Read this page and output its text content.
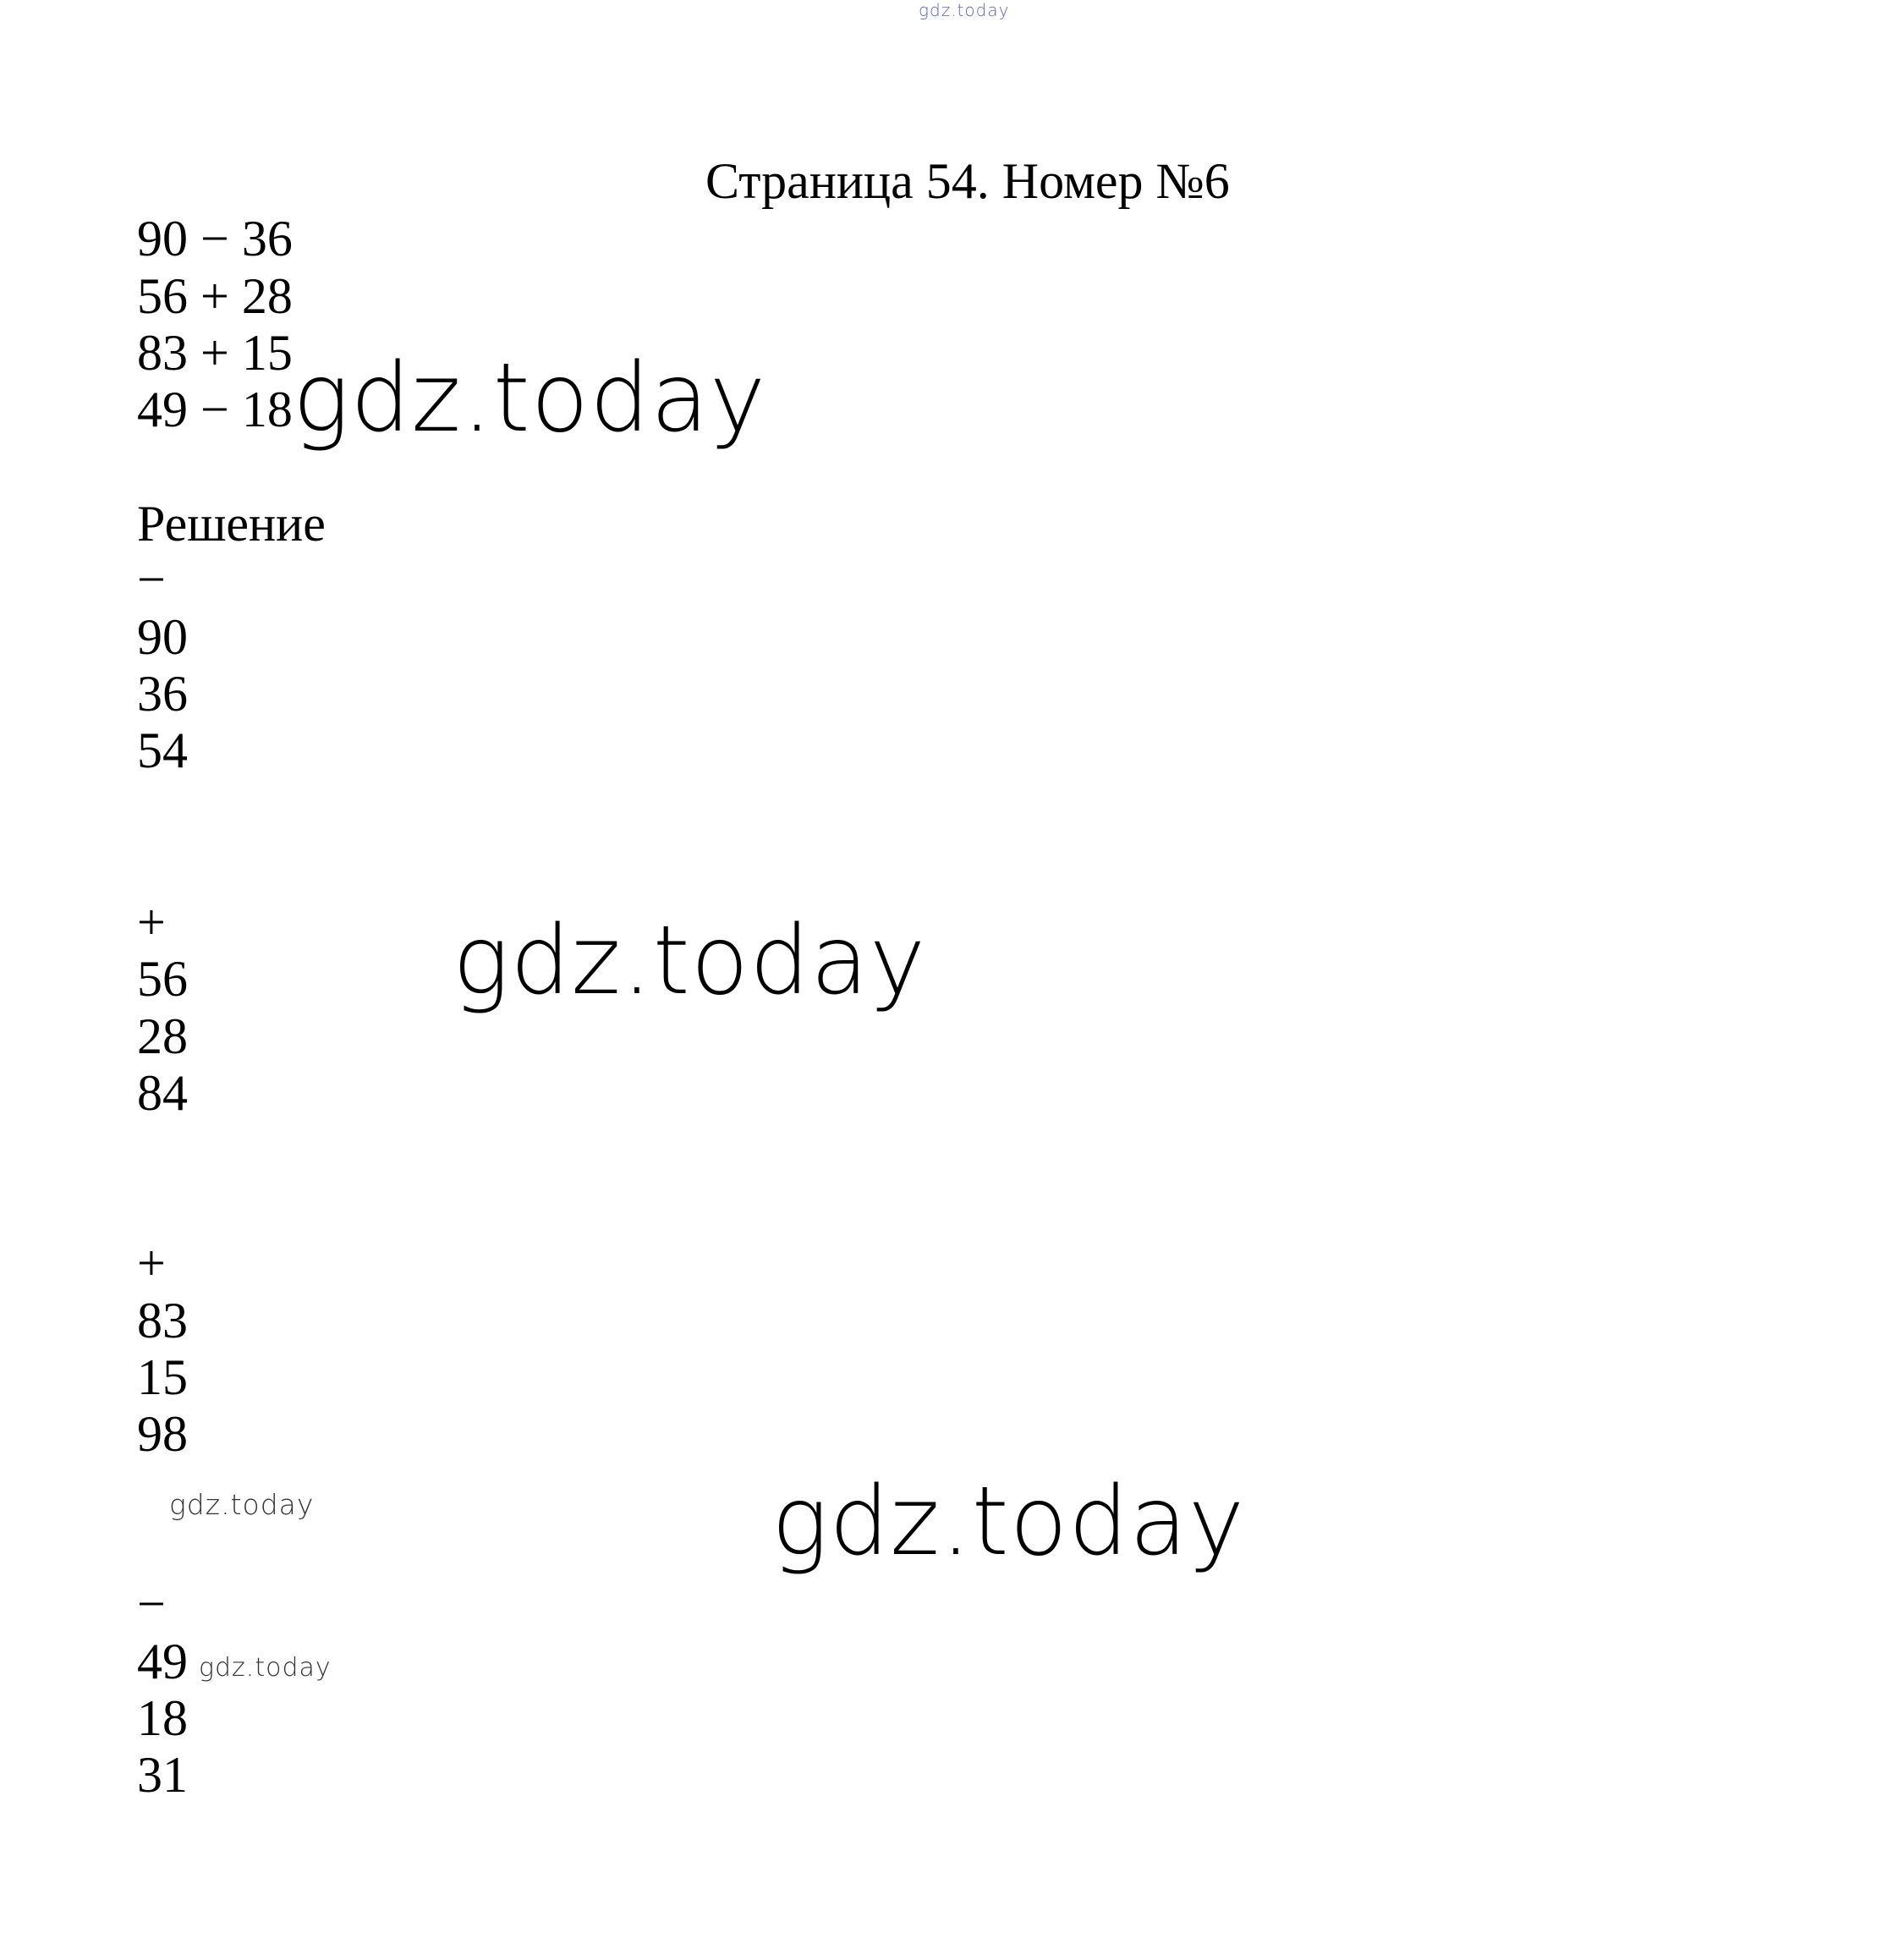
gdz.today
Страница 54. Номер №6
90 − 36
56 + 28
83 + 15
49 − 18 gdz.today
Решение
−
90
36
54
+
56
28
84
gdz.today
+
83
15
98
gdz.today	gdz.today
−
49
18
31
gdz.today
